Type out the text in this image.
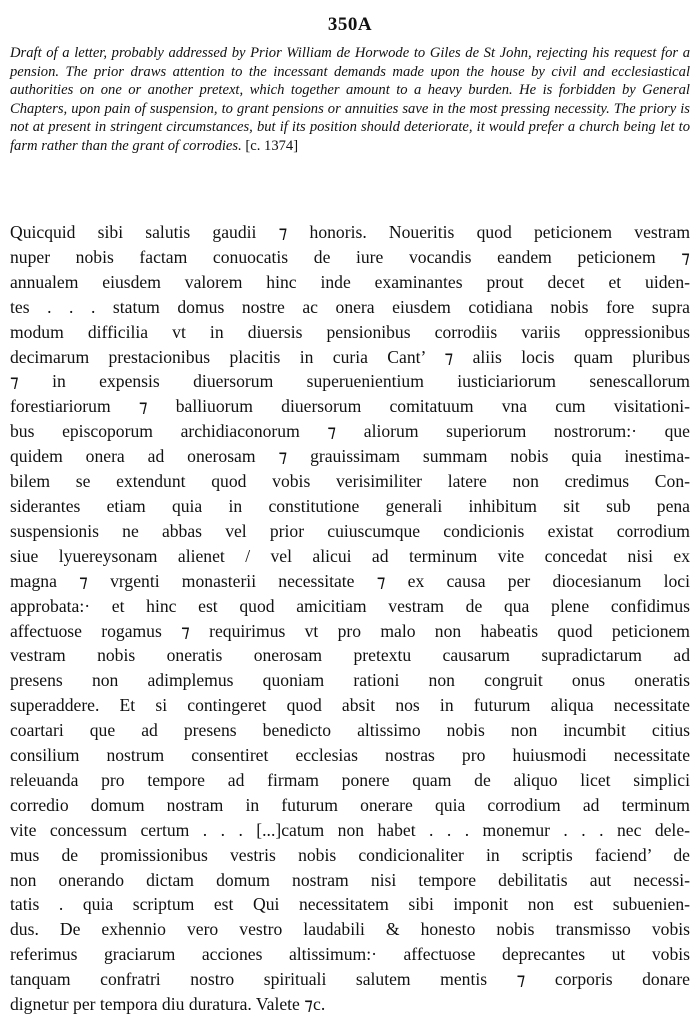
350A

Draft of a letter, probably addressed by Prior William de Horwode to Giles de St John, rejecting his request for a pension. The prior draws attention to the incessant demands made upon the house by civil and ecclesiastical authorities on one or another pretext, which together amount to a heavy burden. He is forbidden by General Chapters, upon pain of suspension, to grant pensions or annuities save in the most pressing necessity. The priory is not at present in stringent circumstances, but if its position should deteriorate, it would prefer a church being let to farm rather than the grant of corrodies. [c. 1374]

Quicquid sibi salutis gaudii ⁊ honoris. Noueritis quod peticionem vestram
nuper nobis factam conuocatis de iure vocandis eandem peticionem ⁊
annualem eiusdem valorem hinc inde examinantes prout decet et uiden-
tes . . . statum domus nostre ac onera eiusdem cotidiana nobis fore supra
modum difficilia vt in diuersis pensionibus corrodiis variis oppressionibus
decimarum prestacionibus placitis in curia Cant’ ⁊ aliis locis quam pluribus
⁊ in expensis diuersorum superuenientium iusticiariorum senescallorum
forestiariorum ⁊ balliuorum diuersorum comitatuum vna cum visitationi-
bus episcoporum archidiaconorum ⁊ aliorum superiorum nostrorum:· que
quidem onera ad onerosam ⁊ grauissimam summam nobis quia inestima-
bilem se extendunt quod vobis verisimiliter latere non credimus Con-
siderantes etiam quia in constitutione generali inhibitum sit sub pena
suspensionis ne abbas vel prior cuiuscumque condicionis existat corrodium
siue lyuereysonam alienet / vel alicui ad terminum vite concedat nisi ex
magna ⁊ vrgenti monasterii necessitate ⁊ ex causa per diocesianum loci
approbata:· et hinc est quod amicitiam vestram de qua plene confidimus
affectuose rogamus ⁊ requirimus vt pro malo non habeatis quod peticionem
vestram nobis oneratis onerosam pretextu causarum supradictarum ad
presens non adimplemus quoniam rationi non congruit onus oneratis
superaddere. Et si contingeret quod absit nos in futurum aliqua necessitate
coartari que ad presens benedicto altissimo nobis non incumbit citius
consilium nostrum consentiret ecclesias nostras pro huiusmodi necessitate
releuanda pro tempore ad firmam ponere quam de aliquo licet simplici
corredio domum nostram in futurum onerare quia corrodium ad terminum
vite concessum certum . . . [...]catum non habet . . . monemur . . . nec dele-
mus de promissionibus vestris nobis condicionaliter in scriptis faciend’ de
non onerando dictam domum nostram nisi tempore debilitatis aut necessi-
tatis . quia scriptum est Qui necessitatem sibi imponit non est subuenien-
dus. De exhennio vero vestro laudabili & honesto nobis transmisso vobis
referimus graciarum acciones altissimum:· affectuose deprecantes ut vobis
tanquam confratri nostro spirituali salutem mentis ⁊ corporis donare
dignetur per tempora diu duratura. Valete ⁊c.
